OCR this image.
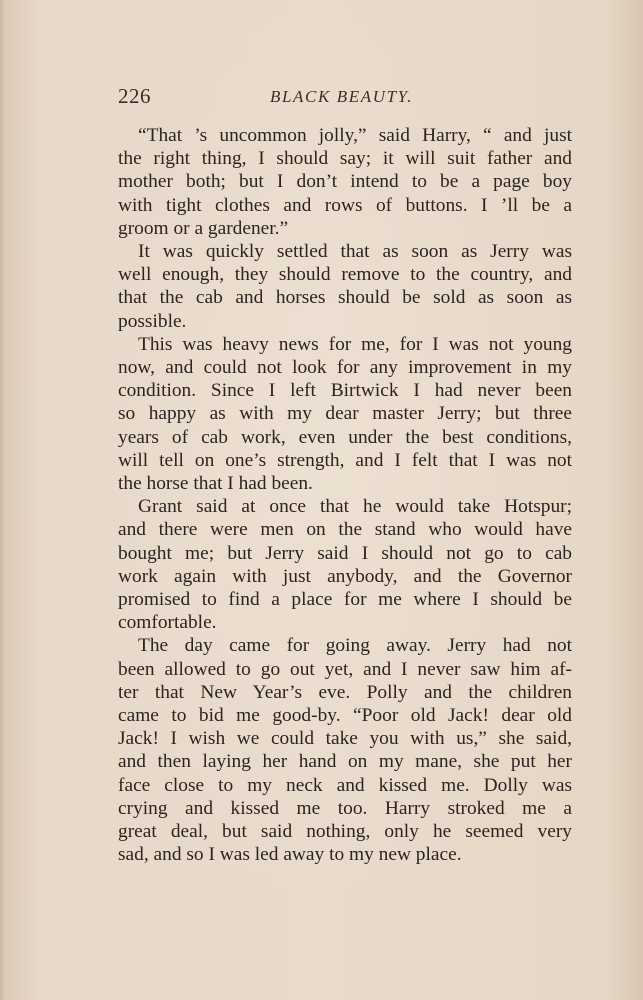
226	BLACK BEAUTY.
“That ’s uncommon jolly,” said Harry, “ and just
the right thing, I should say; it will suit father and
mother both; but I don’t intend to be a page boy
with tight clothes and rows of buttons. I ’ll be a
groom or a gardener.”
It was quickly settled that as soon as Jerry was
well enough, they should remove to the country, and
that the cab and horses should be sold as soon as
possible.
This was heavy news for me, for I was not young
now, and could not look for any improvement in my
condition. Since I left Birtwick I had never been
so happy as with my dear master Jerry; but three
years of cab work, even under the best conditions,
will tell on one’s strength, and I felt that I was not
the horse that I had been.
Grant said at once that he would take Hotspur;
and there were men on the stand who would have
bought me; but Jerry said I should not go to cab
work again with just anybody, and the Governor
promised to find a place for me where I should be
comfortable.
The day came for going away. Jerry had not
been allowed to go out yet, and I never saw him af-
ter that New Year’s eve. Polly and the children
came to bid me good-by. “Poor old Jack! dear old
Jack! I wish we could take you with us,” she said,
and then laying her hand on my mane, she put her
face close to my neck and kissed me. Dolly was
crying and kissed me too. Harry stroked me a
great deal, but said nothing, only he seemed very
sad, and so I was led away to my new place.
